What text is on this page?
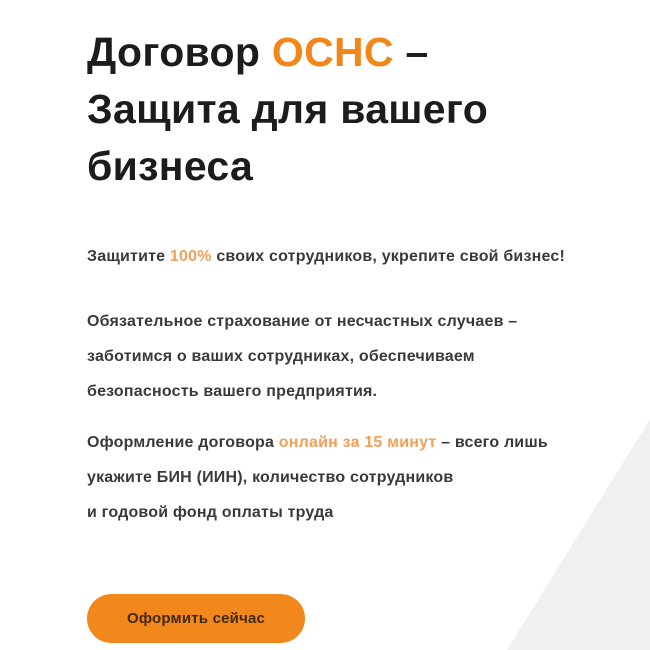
Договор ОСНС –
Защита для вашего
бизнеса

Защитите 100% своих сотрудников, укрепите свой бизнес!

Обязательное страхование от несчастных случаев –
заботимся о ваших сотрудниках, обеспечиваем
безопасность вашего предприятия.

Оформление договора онлайн за 15 минут – всего лишь
укажите БИН (ИИН), количество сотрудников
и годовой фонд оплаты труда

Оформить сейчас
